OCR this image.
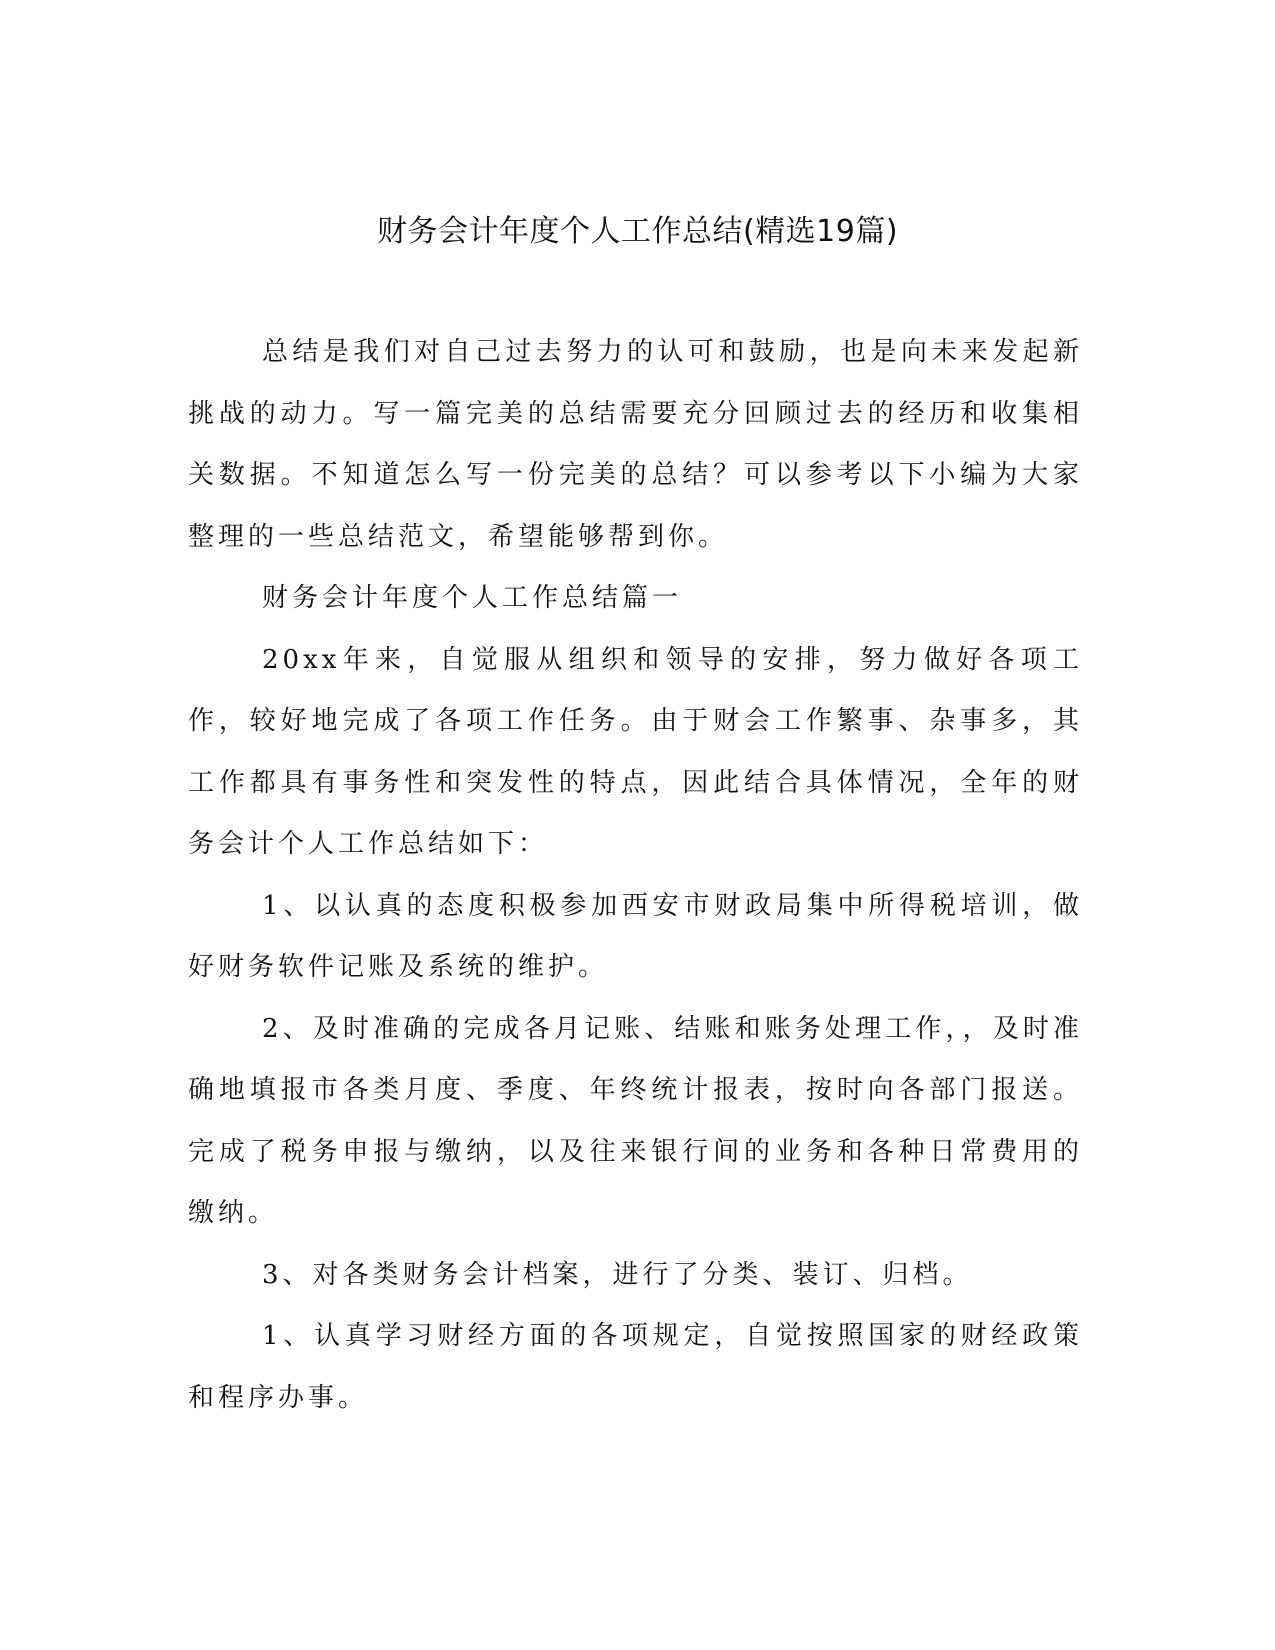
财务会计年度个人工作总结(精选19篇)

总结是我们对自己过去努力的认可和鼓励，也是向未来发起新挑战的动力。写一篇完美的总结需要充分回顾过去的经历和收集相关数据。不知道怎么写一份完美的总结？可以参考以下小编为大家整理的一些总结范文，希望能够帮到你。

财务会计年度个人工作总结篇一

20xx年来，自觉服从组织和领导的安排，努力做好各项工作，较好地完成了各项工作任务。由于财会工作繁事、杂事多，其工作都具有事务性和突发性的特点，因此结合具体情况，全年的财务会计个人工作总结如下：

1、以认真的态度积极参加西安市财政局集中所得税培训，做好财务软件记账及系统的维护。

2、及时准确的完成各月记账、结账和账务处理工作，，及时准确地填报市各类月度、季度、年终统计报表，按时向各部门报送。完成了税务申报与缴纳，以及往来银行间的业务和各种日常费用的缴纳。

3、对各类财务会计档案，进行了分类、装订、归档。

1、认真学习财经方面的各项规定，自觉按照国家的财经政策和程序办事。
